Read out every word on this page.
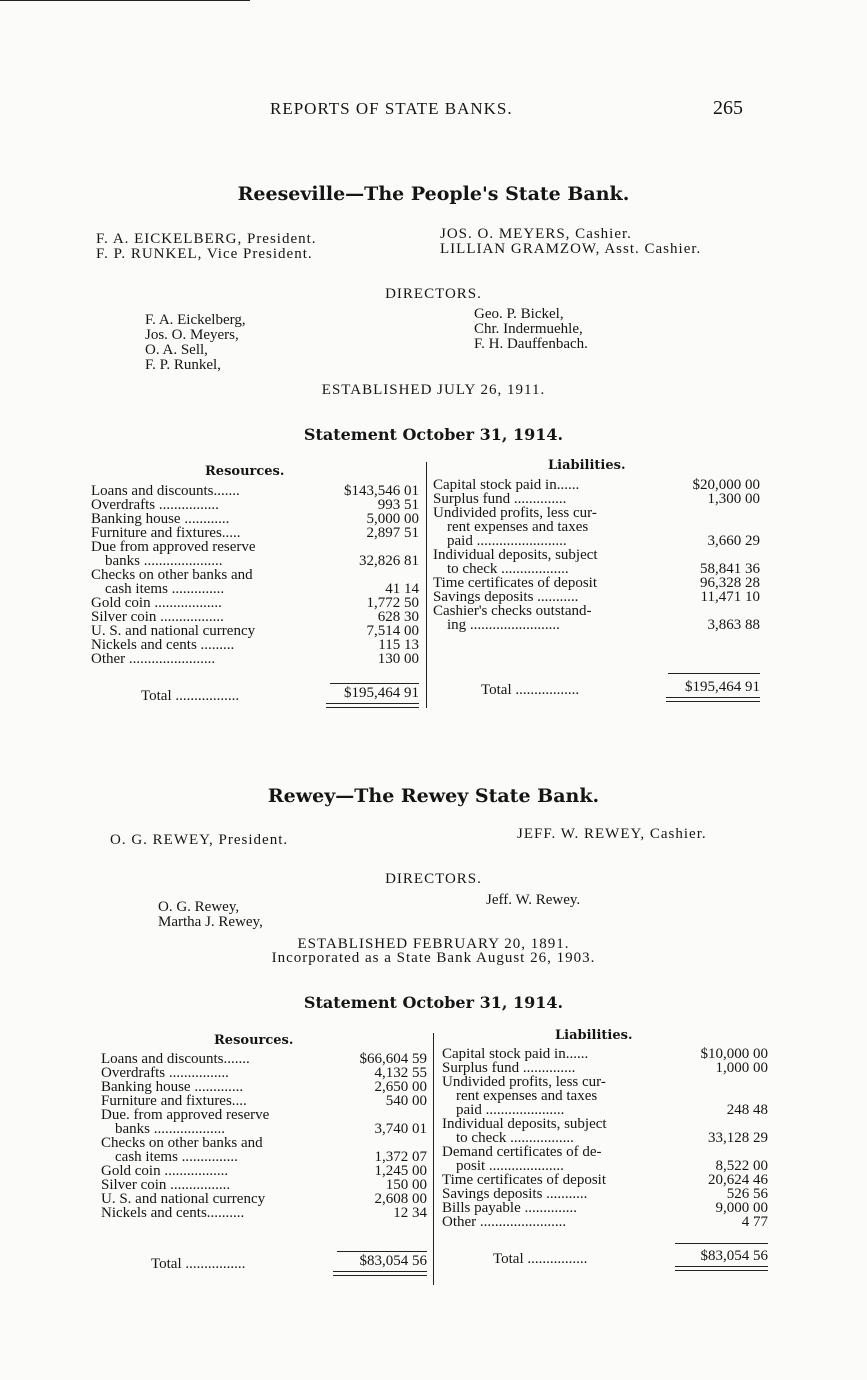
REPORTS OF STATE BANKS.	265
Reeseville—The People's State Bank.
F. A. EICKELBERG, President.
F. P. RUNKEL, Vice President.
JOS. O. MEYERS, Cashier.
LILLIAN GRAMZOW, Asst. Cashier.
DIRECTORS.
F. A. Eickelberg,
Jos. O. Meyers,
O. A. Sell,
F. P. Runkel,
Geo. P. Bickel,
Chr. Indermuehle,
F. H. Dauffenbach.
ESTABLISHED JULY 26, 1911.
Statement October 31, 1914.
Resources.	Liabilities.
Loans and discounts.......	$143,546 01
Overdrafts ................	993 51
Banking house ............	5,000 00
Furniture and fixtures.....	2,897 51
Due from approved reserve
banks .....................	32,826 81
Checks on other banks and
cash items ..............	41 14
Gold coin ..................	1,772 50
Silver coin .................	628 30
U. S. and national currency	7,514 00
Nickels and cents .........	115 13
Other .......................	130 00
Capital stock paid in......	$20,000 00
Surplus fund ..............	1,300 00
Undivided profits, less cur-
rent expenses and taxes
paid ........................	3,660 29
Individual deposits, subject
to check ..................	58,841 36
Time certificates of deposit	96,328 28
Savings deposits ...........	11,471 10
Cashier's checks outstand-
ing ........................	3,863 88
Total .................	$195,464 91	Total .................	$195,464 91
Rewey—The Rewey State Bank.
O. G. REWEY, President.	JEFF. W. REWEY, Cashier.
DIRECTORS.
O. G. Rewey,
Martha J. Rewey,
Jeff. W. Rewey.
ESTABLISHED FEBRUARY 20, 1891.
Incorporated as a State Bank August 26, 1903.
Statement October 31, 1914.
Resources.	Liabilities.
Loans and discounts.......	$66,604 59
Overdrafts ................	4,132 55
Banking house .............	2,650 00
Furniture and fixtures....	540 00
Due. from approved reserve
banks ...................	3,740 01
Checks on other banks and
cash items ...............	1,372 07
Gold coin .................	1,245 00
Silver coin ................	150 00
U. S. and national currency	2,608 00
Nickels and cents..........	12 34
Capital stock paid in......	$10,000 00
Surplus fund ..............	1,000 00
Undivided profits, less cur-
rent expenses and taxes
paid .....................	248 48
Individual deposits, subject
to check .................	33,128 29
Demand certificates of de-
posit ....................	8,522 00
Time certificates of deposit	20,624 46
Savings deposits ...........	526 56
Bills payable ..............	9,000 00
Other .......................	4 77
Total ................	$83,054 56	Total ................	$83,054 56
